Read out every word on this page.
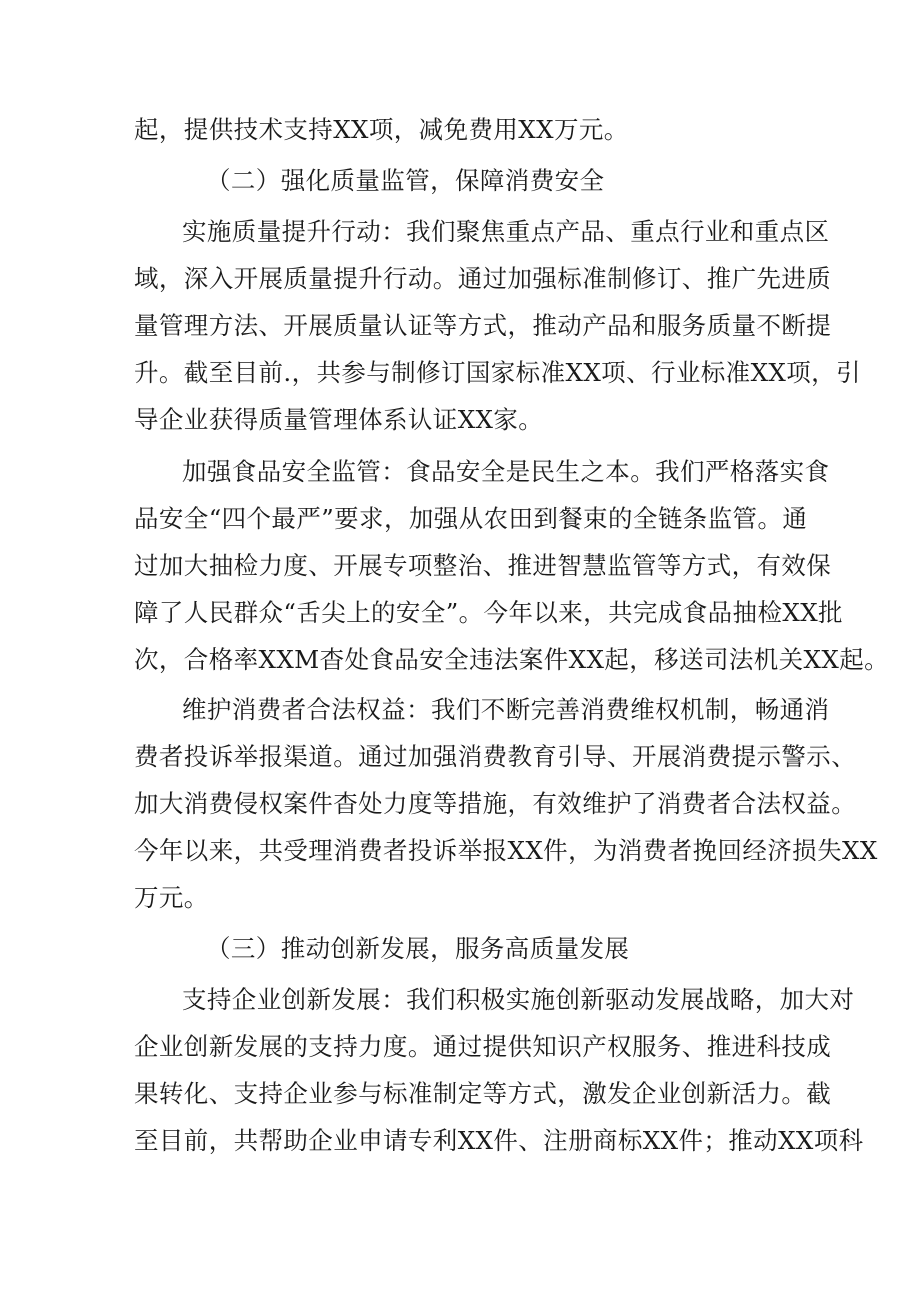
起，提供技术支持XX项，减免费用XX万元。
（二）强化质量监管，保障消费安全
实施质量提升行动：我们聚焦重点产品、重点行业和重点区
域，深入开展质量提升行动。通过加强标准制修订、推广先进质
量管理方法、开展质量认证等方式，推动产品和服务质量不断提
升。截至目前.，共参与制修订国家标准XX项、行业标准XX项，引
导企业获得质量管理体系认证XX家。
加强食品安全监管：食品安全是民生之本。我们严格落实食
品安全“四个最严”要求，加强从农田到餐束的全链条监管。通
过加大抽检力度、开展专项整治、推进智慧监管等方式，有效保
障了人民群众“舌尖上的安全”。今年以来，共完成食品抽检XX批
次，合格率XXM杳处食品安全违法案件XX起，移送司法机关XX起。
维护消费者合法权益：我们不断完善消费维权机制，畅通消
费者投诉举报渠道。通过加强消费教育引导、开展消费提示警示、
加大消费侵权案件杳处力度等措施，有效维护了消费者合法权益。
今年以来，共受理消费者投诉举报XX件，为消费者挽回经济损失XX
万元。
（三）推动创新发展，服务高质量发展
支持企业创新发展：我们积极实施创新驱动发展战略，加大对
企业创新发展的支持力度。通过提供知识产权服务、推进科技成
果转化、支持企业参与标准制定等方式，激发企业创新活力。截
至目前，共帮助企业申请专利XX件、注册商标XX件；推动XX项科
